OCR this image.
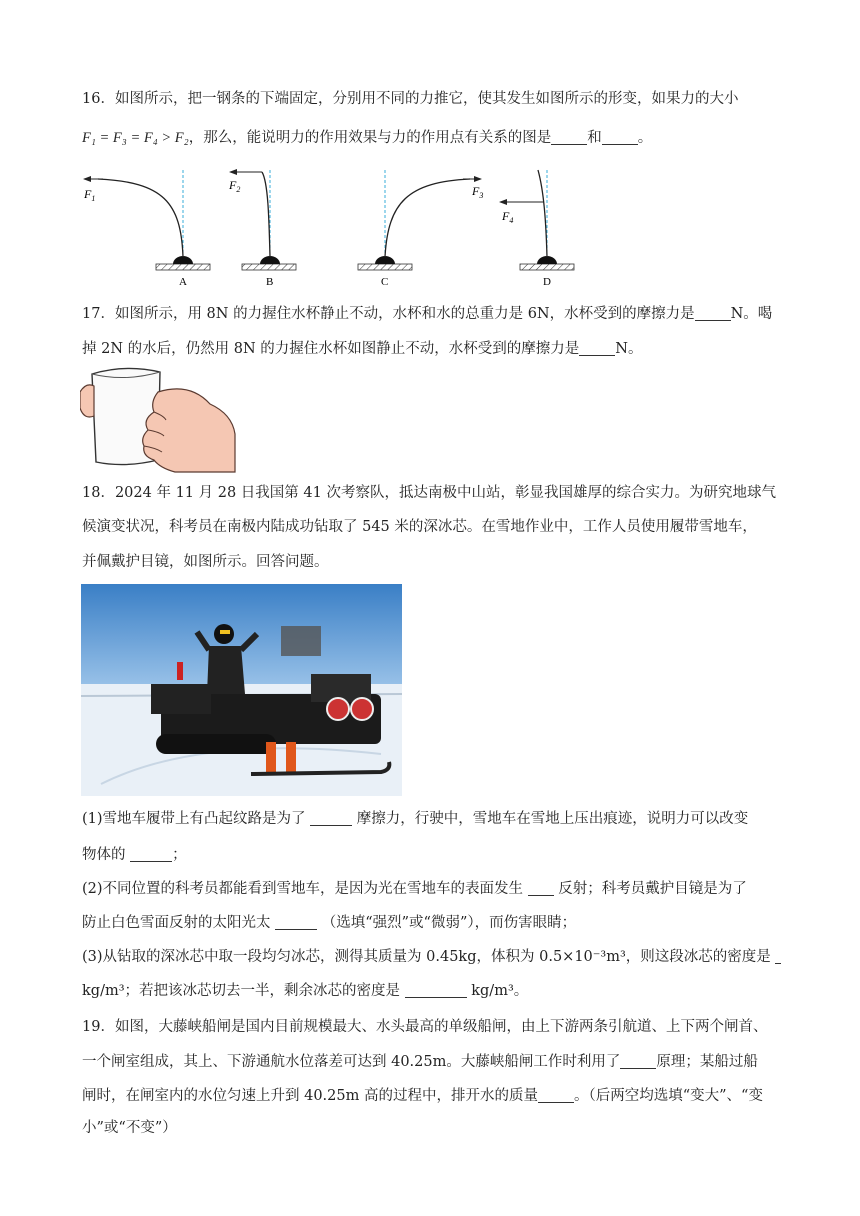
16．如图所示，把一钢条的下端固定，分别用不同的力推它，使其发生如图所示的形变，如果力的大小
F₁ = F₃ = F₄ > F₂，那么，能说明力的作用效果与力的作用点有关系的图是 和 。
$F_1$
A
$F_2$
B
$F_3$
C
$F_4$
D
17．如图所示，用 8N 的力握住水杯静止不动，水杯和水的总重力是 6N，水杯受到的摩擦力是 N。喝
掉 2N 的水后，仍然用 8N 的力握住水杯如图静止不动，水杯受到的摩擦力是 N。
18．2024 年 11 月 28 日我国第 41 次考察队，抵达南极中山站，彰显我国雄厚的综合实力。为研究地球气
候演变状况，科考员在南极内陆成功钻取了 545 米的深冰芯。在雪地作业中，工作人员使用履带雪地车，
并佩戴护目镜，如图所示。回答问题。
(1)雪地车履带上有凸起纹路是为了	摩擦力，行驶中，雪地车在雪地上压出痕迹，说明力可以改变
物体的	；
(2)不同位置的科考员都能看到雪地车，是因为光在雪地车的表面发生 反射；科考员戴护目镜是为了
防止白色雪面反射的太阳光太	（选填“强烈”或“微弱”），而伤害眼睛；
(3)从钻取的深冰芯中取一段均匀冰芯，测得其质量为 0.45kg，体积为 0.5×10⁻³m³，则这段冰芯的密度是
kg/m³；若把该冰芯切去一半，剩余冰芯的密度是	kg/m³。
19．如图，大藤峡船闸是国内目前规模最大、水头最高的单级船闸，由上下游两条引航道、上下两个闸首、
一个闸室组成，其上、下游通航水位落差可达到 40.25m。大藤峡船闸工作时利用了 原理；某船过船
闸时，在闸室内的水位匀速上升到 40.25m 高的过程中，排开水的质量 。（后两空均选填“变大”、“变
小”或“不变”）
